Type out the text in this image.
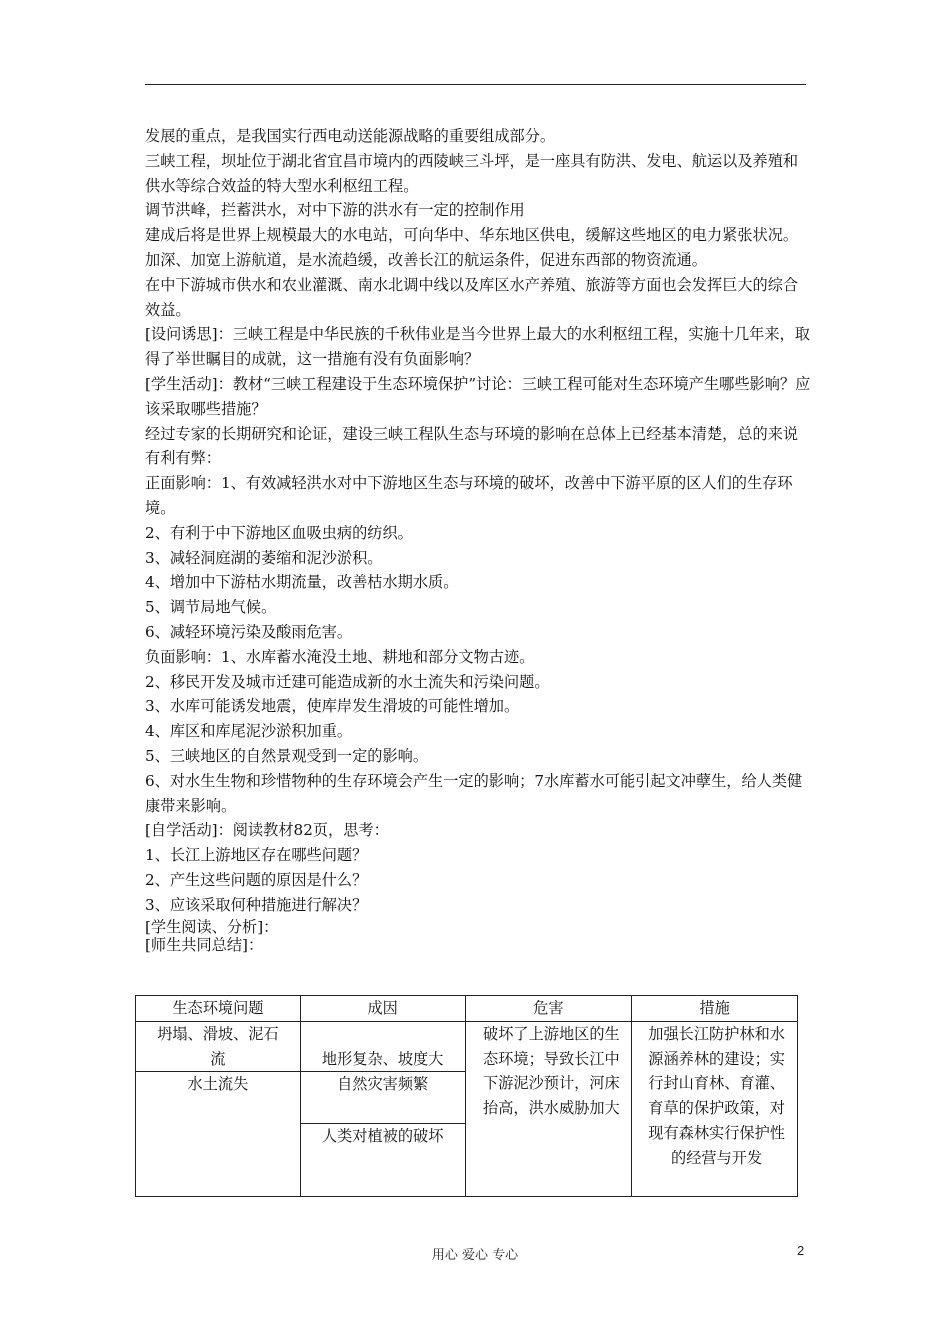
发展的重点，是我国实行西电动送能源战略的重要组成部分。

三峡工程，坝址位于湖北省宜昌市境内的西陵峡三斗坪，是一座具有防洪、发电、航运以及养殖和供水等综合效益的特大型水利枢纽工程。

调节洪峰，拦蓄洪水，对中下游的洪水有一定的控制作用

建成后将是世界上规模最大的水电站，可向华中、华东地区供电，缓解这些地区的电力紧张状况。

加深、加宽上游航道，是水流趋缓，改善长江的航运条件，促进东西部的物资流通。

在中下游城市供水和农业灌溉、南水北调中线以及库区水产养殖、旅游等方面也会发挥巨大的综合效益。

[设问诱思]：三峡工程是中华民族的千秋伟业是当今世界上最大的水利枢纽工程，实施十几年来，取得了举世瞩目的成就，这一措施有没有负面影响？

[学生活动]：教材“三峡工程建设于生态环境保护”讨论：三峡工程可能对生态环境产生哪些影响？应该采取哪些措施？

经过专家的长期研究和论证，建设三峡工程队生态与环境的影响在总体上已经基本清楚，总的来说有利有弊：

正面影响：1、有效减轻洪水对中下游地区生态与环境的破坏，改善中下游平原的区人们的生存环境。

2、有利于中下游地区血吸虫病的纺织。

3、减轻洞庭湖的萎缩和泥沙淤积。

4、增加中下游枯水期流量，改善枯水期水质。

5、调节局地气候。

6、减轻环境污染及酸雨危害。

负面影响：1、水库蓄水淹没土地、耕地和部分文物古迹。

2、移民开发及城市迁建可能造成新的水土流失和污染问题。

3、水库可能诱发地震，使库岸发生滑坡的可能性增加。

4、库区和库尾泥沙淤积加重。

5、三峡地区的自然景观受到一定的影响。

6、对水生生物和珍惜物种的生存环境会产生一定的影响；7水库蓄水可能引起文冲孽生，给人类健康带来影响。

[自学活动]：阅读教材82页，思考：

1、长江上游地区存在哪些问题？

2、产生这些问题的原因是什么？

3、应该采取何种措施进行解决？

[学生阅读、分析]：

[师生共同总结]：

生态环境问题	成因	危害	措施
坍塌、滑坡、泥石流	地形复杂、坡度大	破坏了上游地区的生态环境；导致长江中下游泥沙预计，河床抬高，洪水威胁加大	加强长江防护林和水源涵养林的建设；实行封山育林、育灌、育草的保护政策，对现有森林实行保护性的经营与开发
水土流失	自然灾害频繁		
	人类对植被的破坏		
用心 爱心 专心	2
